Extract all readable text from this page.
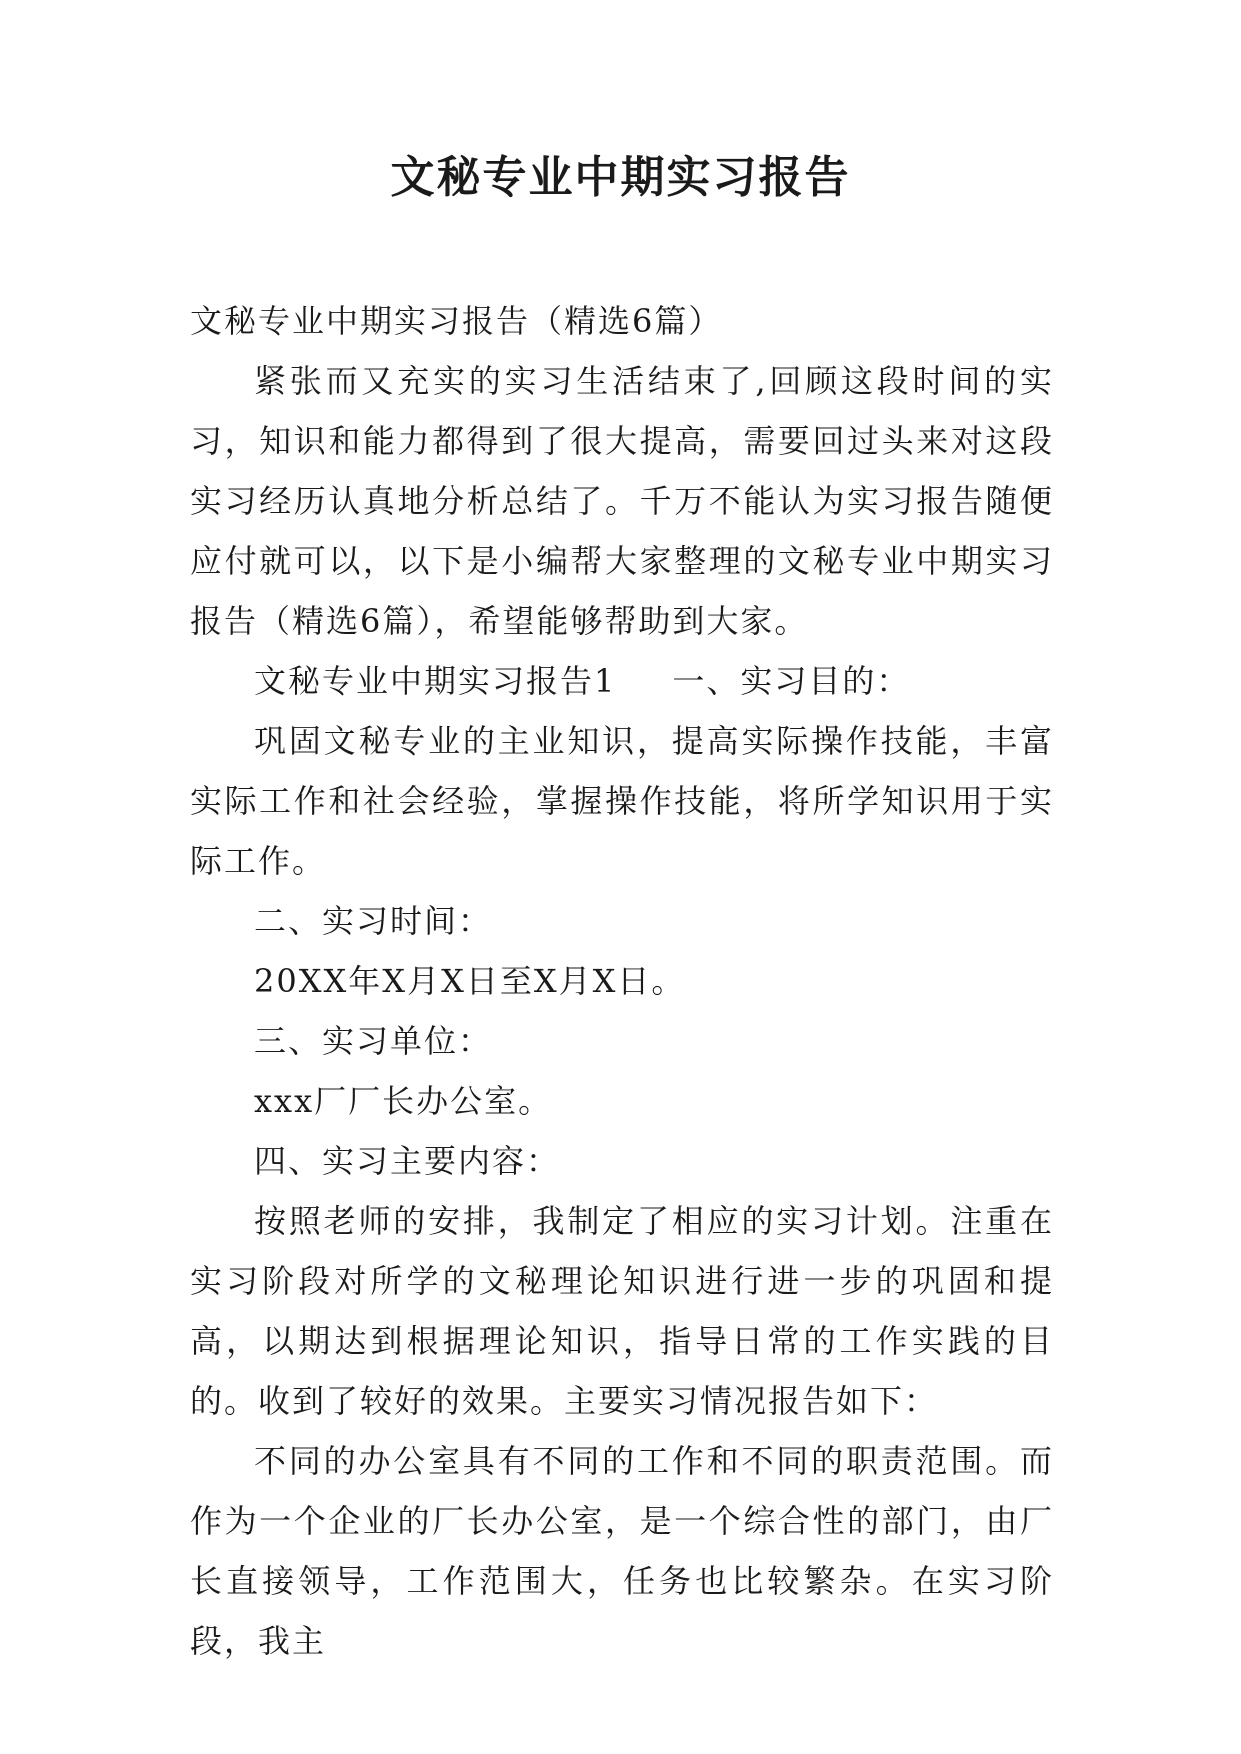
文秘专业中期实习报告

文秘专业中期实习报告（精选6篇）

紧张而又充实的实习生活结束了,回顾这段时间的实习，知识和能力都得到了很大提高，需要回过头来对这段实习经历认真地分析总结了。千万不能认为实习报告随便应付就可以，以下是小编帮大家整理的文秘专业中期实习报告（精选6篇），希望能够帮助到大家。

文秘专业中期实习报告1 一、实习目的：

巩固文秘专业的主业知识，提高实际操作技能，丰富实际工作和社会经验，掌握操作技能，将所学知识用于实际工作。

二、实习时间：

20XX年X月X日至X月X日。

三、实习单位：

xxx厂厂长办公室。

四、实习主要内容：

按照老师的安排，我制定了相应的实习计划。注重在实习阶段对所学的文秘理论知识进行进一步的巩固和提高，以期达到根据理论知识，指导日常的工作实践的目的。收到了较好的效果。主要实习情况报告如下：

不同的办公室具有不同的工作和不同的职责范围。而作为一个企业的厂长办公室，是一个综合性的部门，由厂长直接领导，工作范围大，任务也比较繁杂。在实习阶段，我主
